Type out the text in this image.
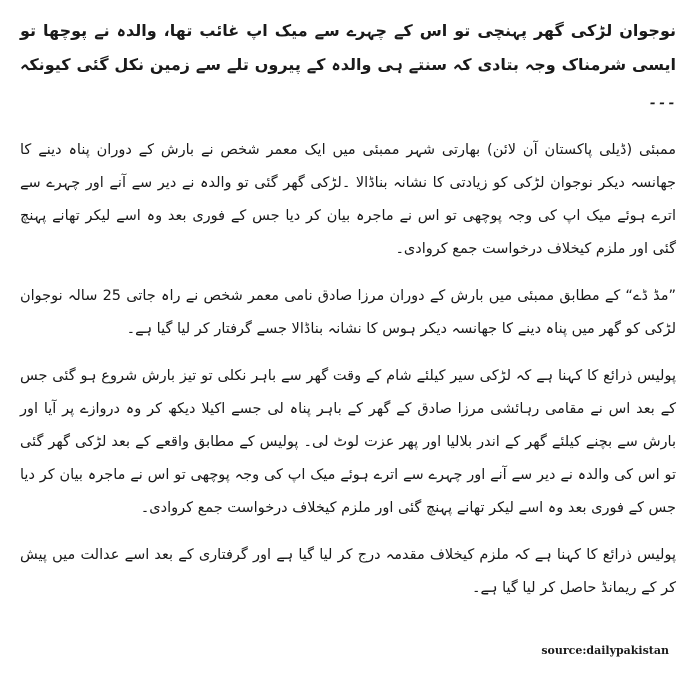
نوجوان لڑکی گھر پہنچی تو اس کے چہرے سے میک اپ غائب تھا، والدہ نے پوچھا تو ایسی شرمناک وجہ بتادی کہ سنتے ہی والدہ کے پیروں تلے سے زمین نکل گئی کیونکہ ۔۔۔

ممبئی (ڈیلی پاکستان آن لائن) بھارتی شہر ممبئی میں ایک معمر شخص نے بارش کے دوران پناہ دینے کا جھانسہ دیکر نوجوان لڑکی کو زیادتی کا نشانہ بناڈالا ۔لڑکی گھر گئی تو والدہ نے دیر سے آنے اور چہرے سے اترے ہوئے میک اپ کی وجہ پوچھی تو اس نے ماجرہ بیان کر دیا جس کے فوری بعد وہ اسے لیکر تھانے پہنچ گئی اور ملزم کیخلاف درخواست جمع کروادی۔

”مڈ ڈے“ کے مطابق ممبئی میں بارش کے دوران مرزا صادق نامی معمر شخص نے راہ جاتی 25 سالہ نوجوان لڑکی کو گھر میں پناہ دینے کا جھانسہ دیکر ہوس کا نشانہ بناڈالا جسے گرفتار کر لیا گیا ہے۔

پولیس ذرائع کا کہنا ہے کہ لڑکی سیر کیلئے شام کے وقت گھر سے باہر نکلی تو تیز بارش شروع ہو گئی جس کے بعد اس نے مقامی رہائشی مرزا صادق کے گھر کے باہر پناہ لی جسے اکیلا دیکھ کر وہ دروازے پر آیا اور بارش سے بچنے کیلئے گھر کے اندر بلالیا اور پھر عزت لوٹ لی۔ پولیس کے مطابق واقعے کے بعد لڑکی گھر گئی تو اس کی والدہ نے دیر سے آنے اور چہرے سے اترے ہوئے میک اپ کی وجہ پوچھی تو اس نے ماجرہ بیان کر دیا جس کے فوری بعد وہ اسے لیکر تھانے پہنچ گئی اور ملزم کیخلاف درخواست جمع کروادی۔

پولیس ذرائع کا کہنا ہے کہ ملزم کیخلاف مقدمہ درج کر لیا گیا ہے اور گرفتاری کے بعد اسے عدالت میں پیش کر کے ریمانڈ حاصل کر لیا گیا ہے۔

source:dailypakistan
